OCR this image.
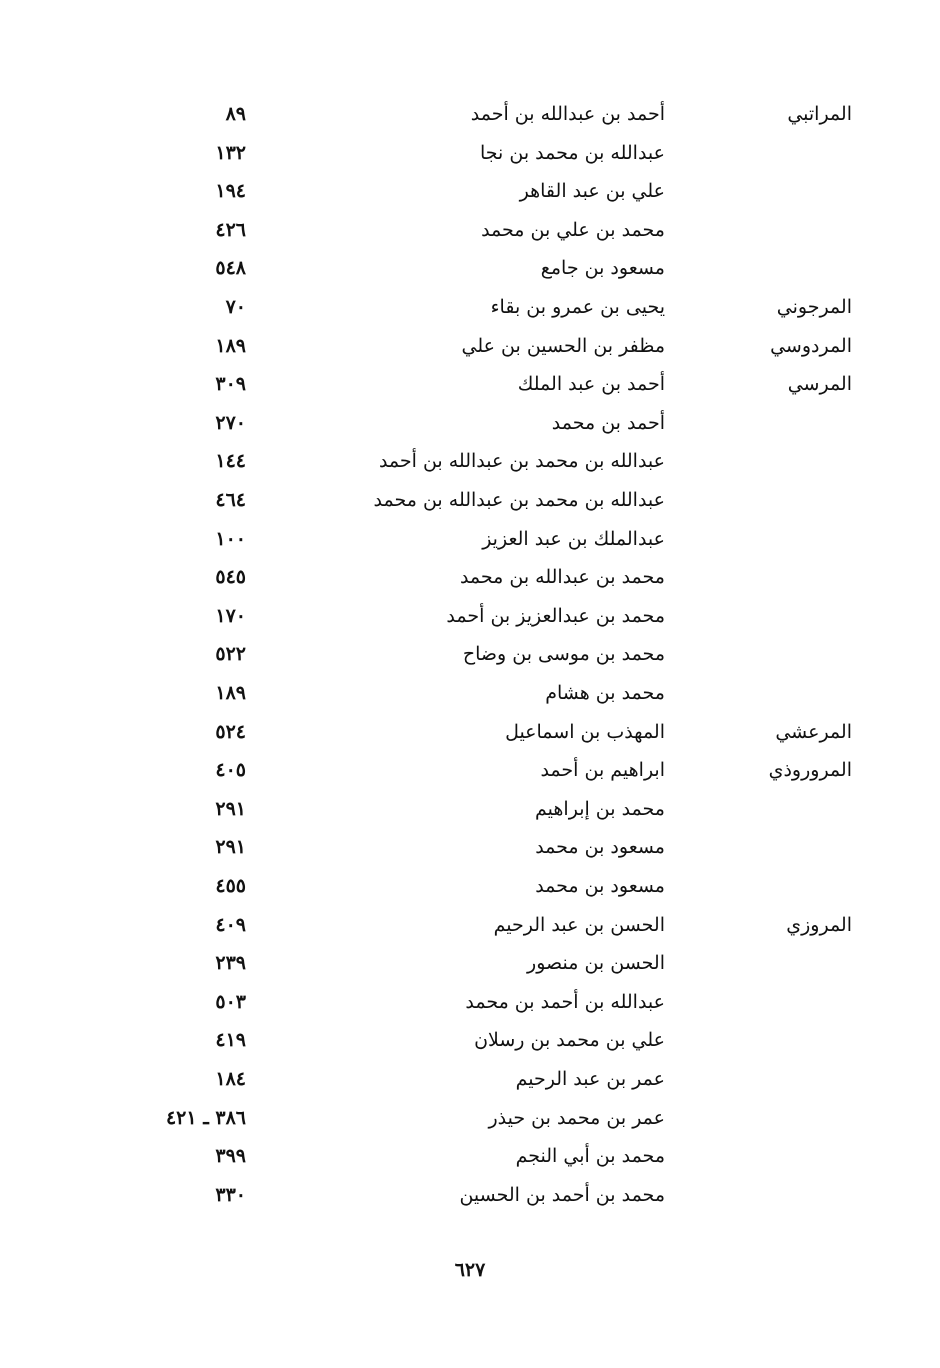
المراتبي
أحمد بن عبدالله بن أحمد
٨٩
عبدالله بن محمد بن نجا
١٣٢
علي بن عبد القاهر
١٩٤
محمد بن علي بن محمد
٤٢٦
مسعود بن جامع
٥٤٨
المرجوني
يحيى بن عمرو بن بقاء
٧٠
المردوسي
مظفر بن الحسين بن علي
١٨٩
المرسي
أحمد بن عبد الملك
٣٠٩
أحمد بن محمد
٢٧٠
عبدالله بن محمد بن عبدالله بن أحمد
١٤٤
عبدالله بن محمد بن عبدالله بن محمد
٤٦٤
عبدالملك بن عبد العزيز
١٠٠
محمد بن عبدالله بن محمد
٥٤٥
محمد بن عبدالعزيز بن أحمد
١٧٠
محمد بن موسى بن وضاح
٥٢٢
محمد بن هشام
١٨٩
المرعشي
المهذب بن اسماعيل
٥٢٤
المروروذي
ابراهيم بن أحمد
٤٠٥
محمد بن إبراهيم
٢٩١
مسعود بن محمد
٢٩١
مسعود بن محمد
٤٥٥
المروزي
الحسن بن عبد الرحيم
٤٠٩
الحسن بن منصور
٢٣٩
عبدالله بن أحمد بن محمد
٥٠٣
علي بن محمد بن رسلان
٤١٩
عمر بن عبد الرحيم
١٨٤
عمر بن محمد بن حيذر
٣٨٦ ـ ٤٢١
محمد بن أبي النجم
٣٩٩
محمد بن أحمد بن الحسين
٣٣٠
٦٢٧
